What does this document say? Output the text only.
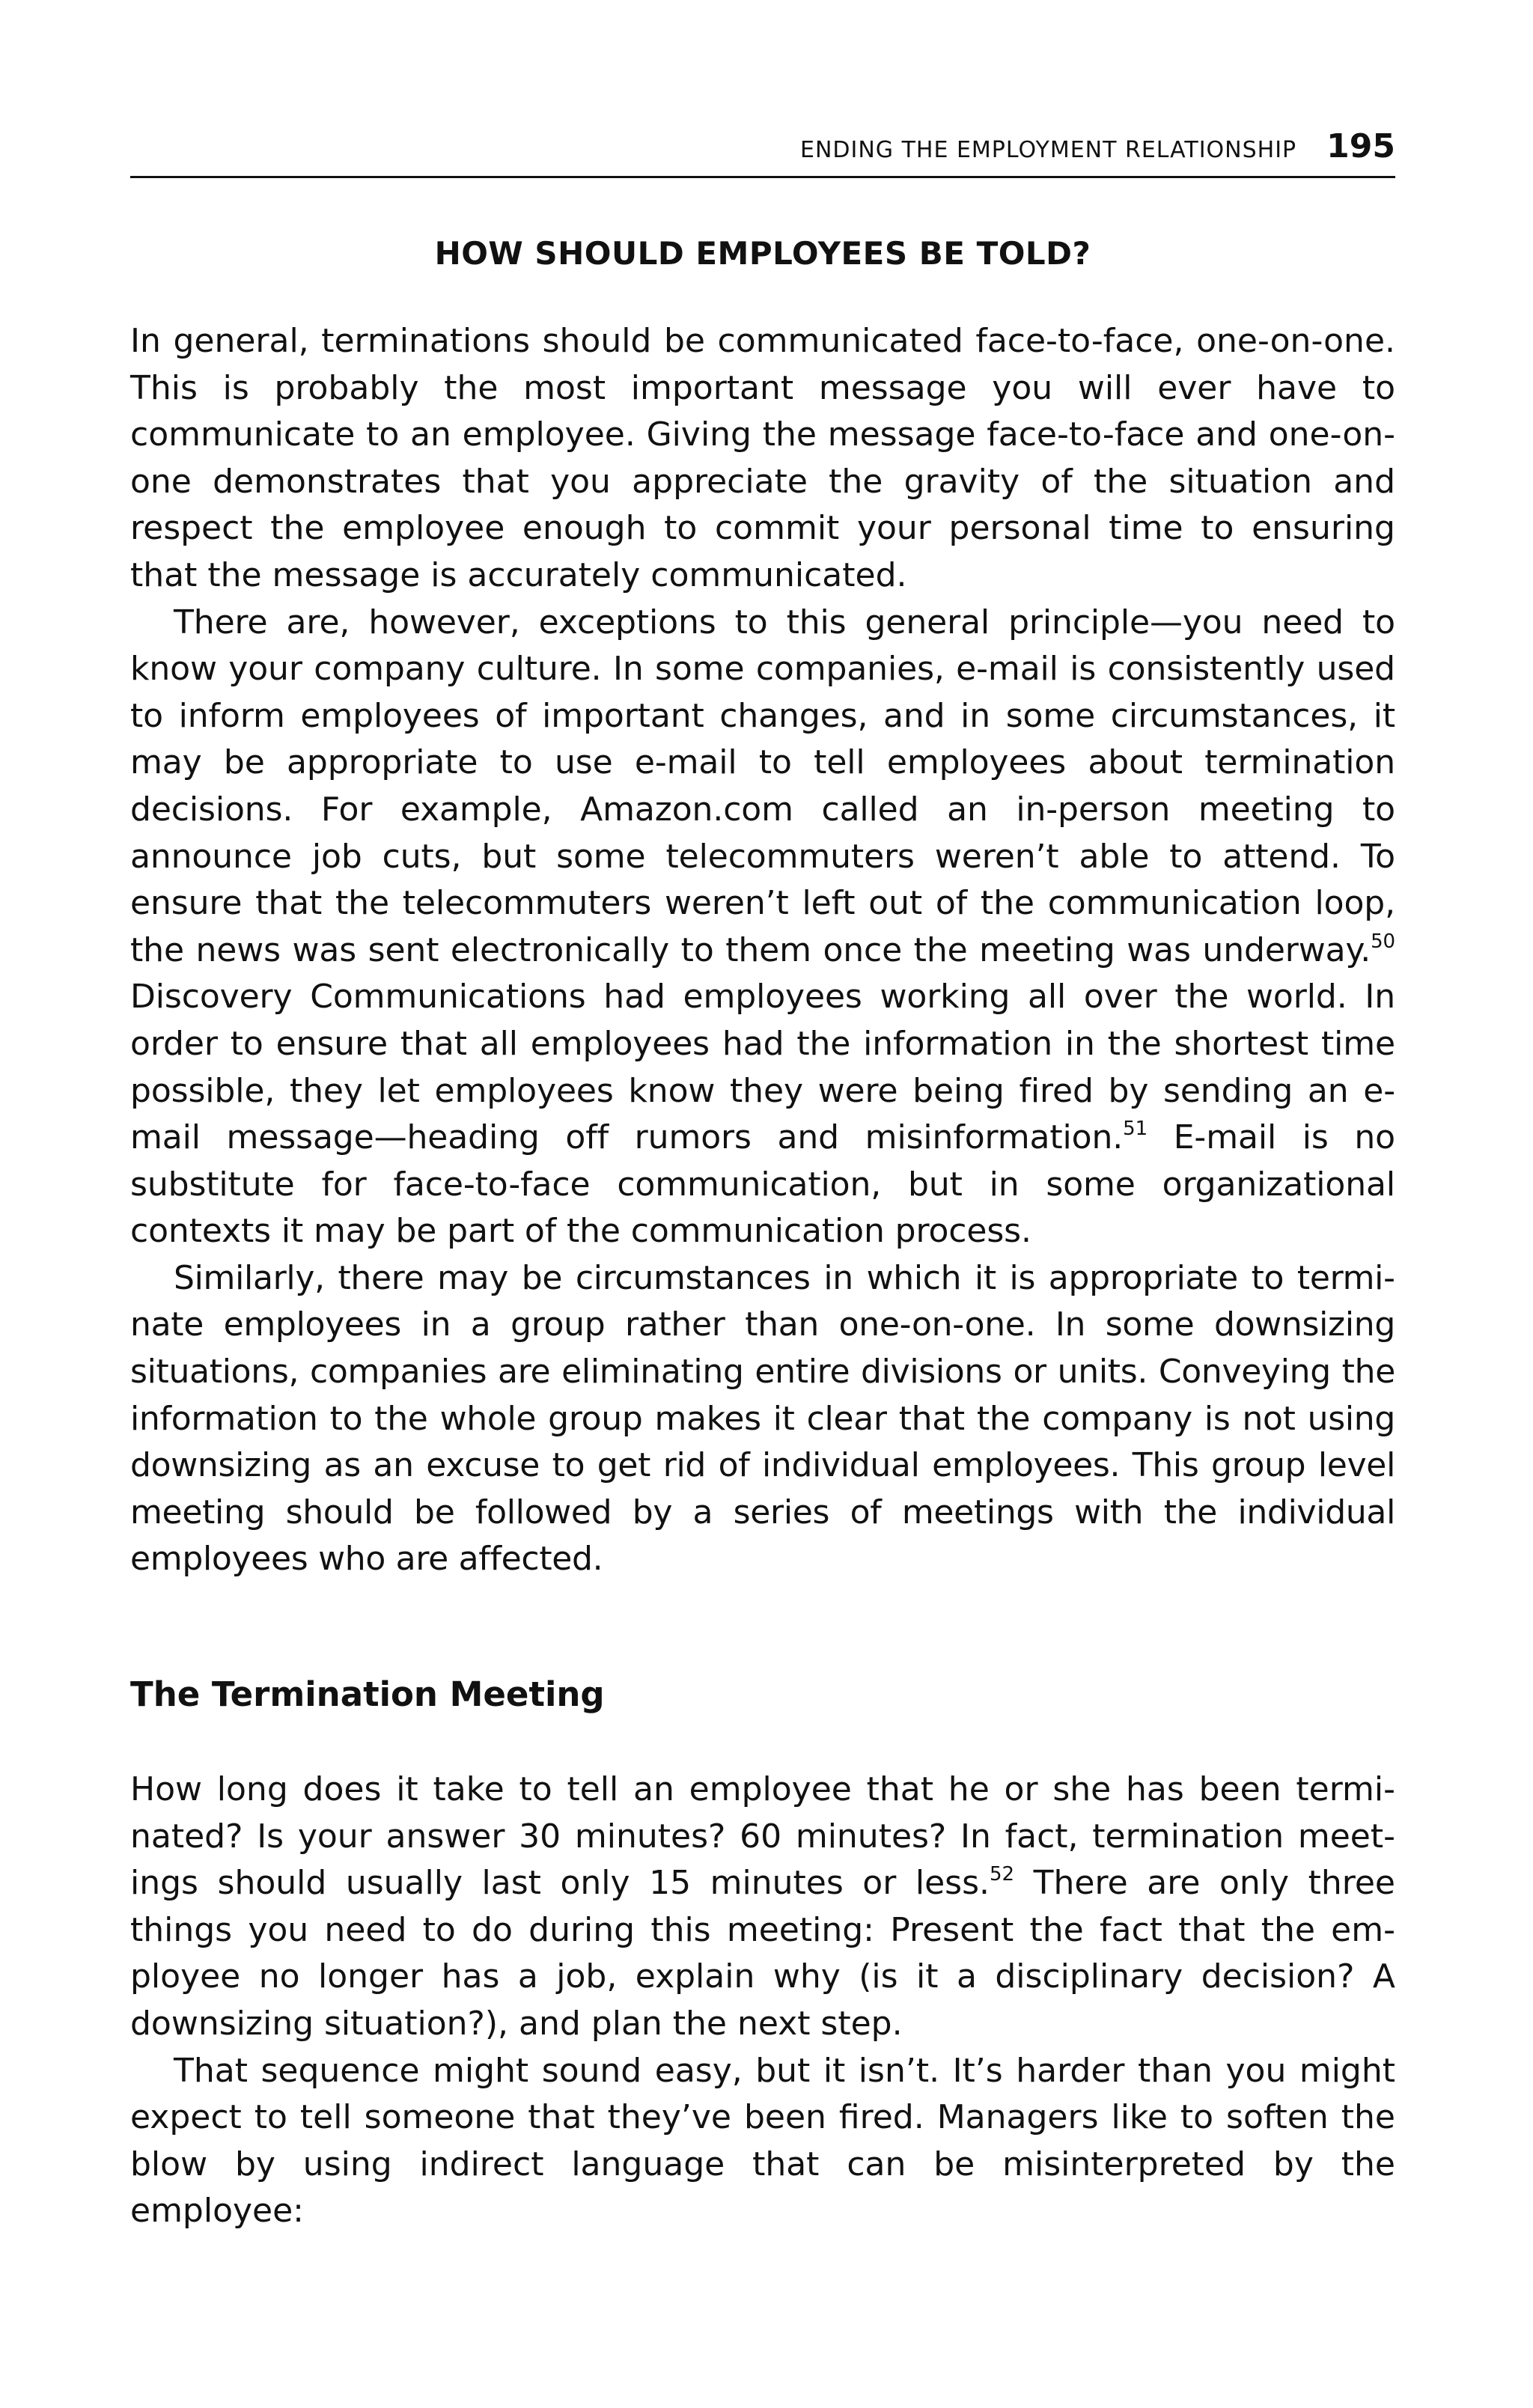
ENDING THE EMPLOYMENT RELATIONSHIP 195
HOW SHOULD EMPLOYEES BE TOLD?

In general, terminations should be communicated face-to-face, one-on-one. This is probably the most important message you will ever have to communicate to an employee. Giving the message face-to-face and one-on-one demonstrates that you appreciate the gravity of the situation and respect the employee enough to commit your personal time to ensuring that the message is accurately communicated.

There are, however, exceptions to this general principle—you need to know your company culture. In some companies, e-mail is consistently used to inform employees of important changes, and in some circumstances, it may be appropriate to use e-mail to tell employees about termination decisions. For example, Amazon.com called an in-person meeting to announce job cuts, but some telecommuters weren’t able to attend. To ensure that the telecommuters weren’t left out of the communication loop, the news was sent electronically to them once the meeting was underway.$^{50}$ Discovery Communications had employees working all over the world. In order to ensure that all employees had the information in the shortest time possible, they let employees know they were being fired by sending an e-mail message—heading off rumors and misinformation.$^{51}$ E-mail is no substitute for face-to-face communication, but in some organizational contexts it may be part of the communication process.

Similarly, there may be circumstances in which it is appropriate to terminate employees in a group rather than one-on-one. In some downsizing situations, companies are eliminating entire divisions or units. Conveying the information to the whole group makes it clear that the company is not using downsizing as an excuse to get rid of individual employees. This group level meeting should be followed by a series of meetings with the individual employees who are affected.

The Termination Meeting

How long does it take to tell an employee that he or she has been terminated? Is your answer 30 minutes? 60 minutes? In fact, termination meetings should usually last only 15 minutes or less.$^{52}$ There are only three things you need to do during this meeting: Present the fact that the employee no longer has a job, explain why (is it a disciplinary decision? A downsizing situation?), and plan the next step.

That sequence might sound easy, but it isn’t. It’s harder than you might expect to tell someone that they’ve been fired. Managers like to soften the blow by using indirect language that can be misinterpreted by the employee:
